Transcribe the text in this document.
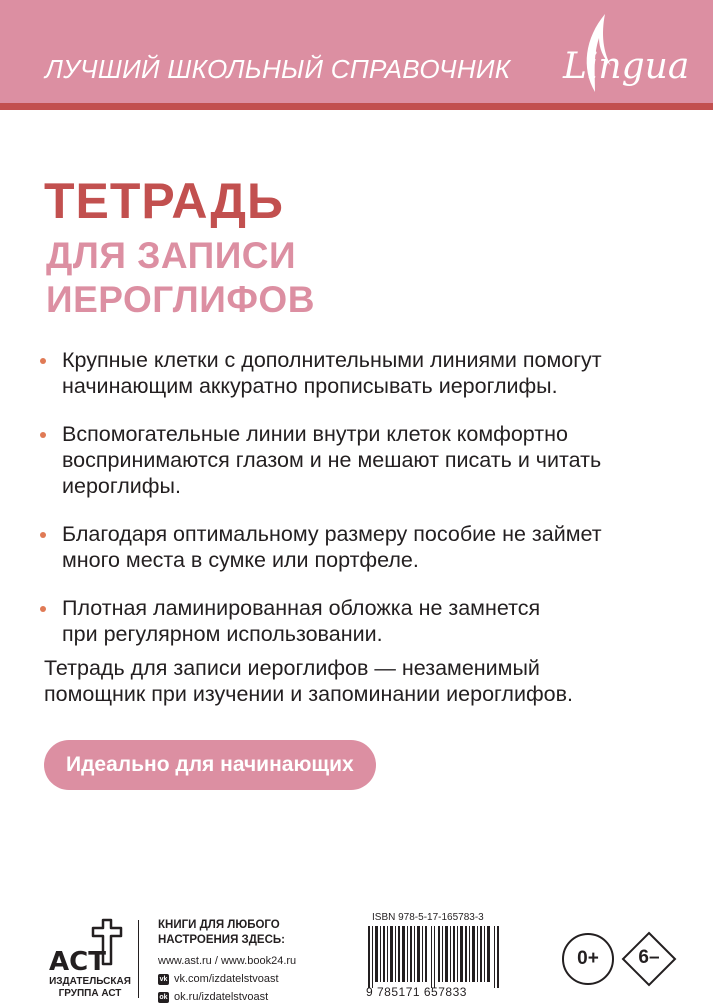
ЛУЧШИЙ ШКОЛЬНЫЙ СПРАВОЧНИК Lingua
ТЕТРАДЬ
ДЛЯ ЗАПИСИ
ИЕРОГЛИФОВ
Крупные клетки с дополнительными линиями помогут
начинающим аккуратно прописывать иероглифы.
Вспомогательные линии внутри клеток комфортно
воспринимаются глазом и не мешают писать и читать
иероглифы.
Благодаря оптимальному размеру пособие не займет
много места в сумке или портфеле.
Плотная ламинированная обложка не замнется
при регулярном использовании.
Тетрадь для записи иероглифов — незаменимый
помощник при изучении и запоминании иероглифов.
Идеально для начинающих
ACT
ИЗДАТЕЛЬСКАЯ
ГРУППА АСТ
КНИГИ ДЛЯ ЛЮБОГО
НАСТРОЕНИЯ ЗДЕСЬ:
www.ast.ru / www.book24.ru
vk vk.com/izdatelstvoast
ok ok.ru/izdatelstvoast
ISBN 978-5-17-165783-3
9 785171 657833
0+	6–
